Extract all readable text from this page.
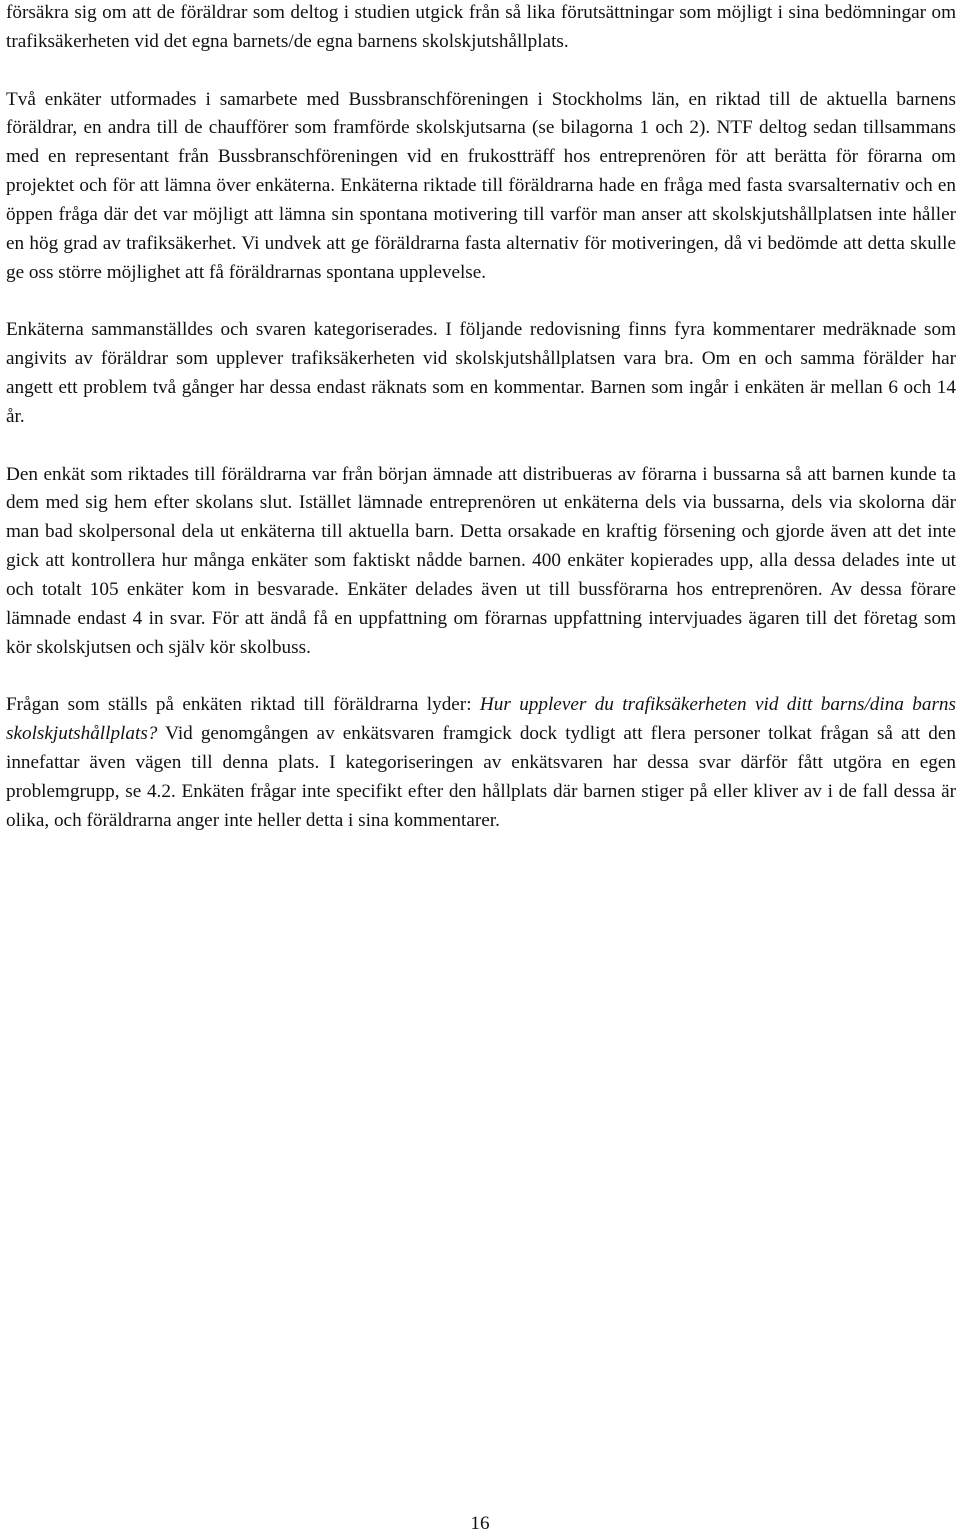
försäkra sig om att de föräldrar som deltog i studien utgick från så lika förutsättningar som möjligt i sina bedömningar om trafiksäkerheten vid det egna barnets/de egna barnens skolskjutshållplats.

Två enkäter utformades i samarbete med Bussbranschföreningen i Stockholms län, en riktad till de aktuella barnens föräldrar, en andra till de chaufförer som framförde skolskjutsarna (se bilagorna 1 och 2). NTF deltog sedan tillsammans med en representant från Bussbranschföreningen vid en frukostträff hos entreprenören för att berätta för förarna om projektet och för att lämna över enkäterna. Enkäterna riktade till föräldrarna hade en fråga med fasta svarsalternativ och en öppen fråga där det var möjligt att lämna sin spontana motivering till varför man anser att skolskjutshållplatsen inte håller en hög grad av trafiksäkerhet. Vi undvek att ge föräldrarna fasta alternativ för motiveringen, då vi bedömde att detta skulle ge oss större möjlighet att få föräldrarnas spontana upplevelse.

Enkäterna sammanställdes och svaren kategoriserades. I följande redovisning finns fyra kommentarer medräknade som angivits av föräldrar som upplever trafiksäkerheten vid skolskjutshållplatsen vara bra. Om en och samma förälder har angett ett problem två gånger har dessa endast räknats som en kommentar. Barnen som ingår i enkäten är mellan 6 och 14 år.

Den enkät som riktades till föräldrarna var från början ämnade att distribueras av förarna i bussarna så att barnen kunde ta dem med sig hem efter skolans slut. Istället lämnade entreprenören ut enkäterna dels via bussarna, dels via skolorna där man bad skolpersonal dela ut enkäterna till aktuella barn. Detta orsakade en kraftig försening och gjorde även att det inte gick att kontrollera hur många enkäter som faktiskt nådde barnen. 400 enkäter kopierades upp, alla dessa delades inte ut och totalt 105 enkäter kom in besvarade. Enkäter delades även ut till bussförarna hos entreprenören. Av dessa förare lämnade endast 4 in svar. För att ändå få en uppfattning om förarnas uppfattning intervjuades ägaren till det företag som kör skolskjutsen och själv kör skolbuss.

Frågan som ställs på enkäten riktad till föräldrarna lyder: Hur upplever du trafiksäkerheten vid ditt barns/dina barns skolskjutshållplats? Vid genomgången av enkätsvaren framgick dock tydligt att flera personer tolkat frågan så att den innefattar även vägen till denna plats. I kategoriseringen av enkätsvaren har dessa svar därför fått utgöra en egen problemgrupp, se 4.2. Enkäten frågar inte specifikt efter den hållplats där barnen stiger på eller kliver av i de fall dessa är olika, och föräldrarna anger inte heller detta i sina kommentarer.

16
